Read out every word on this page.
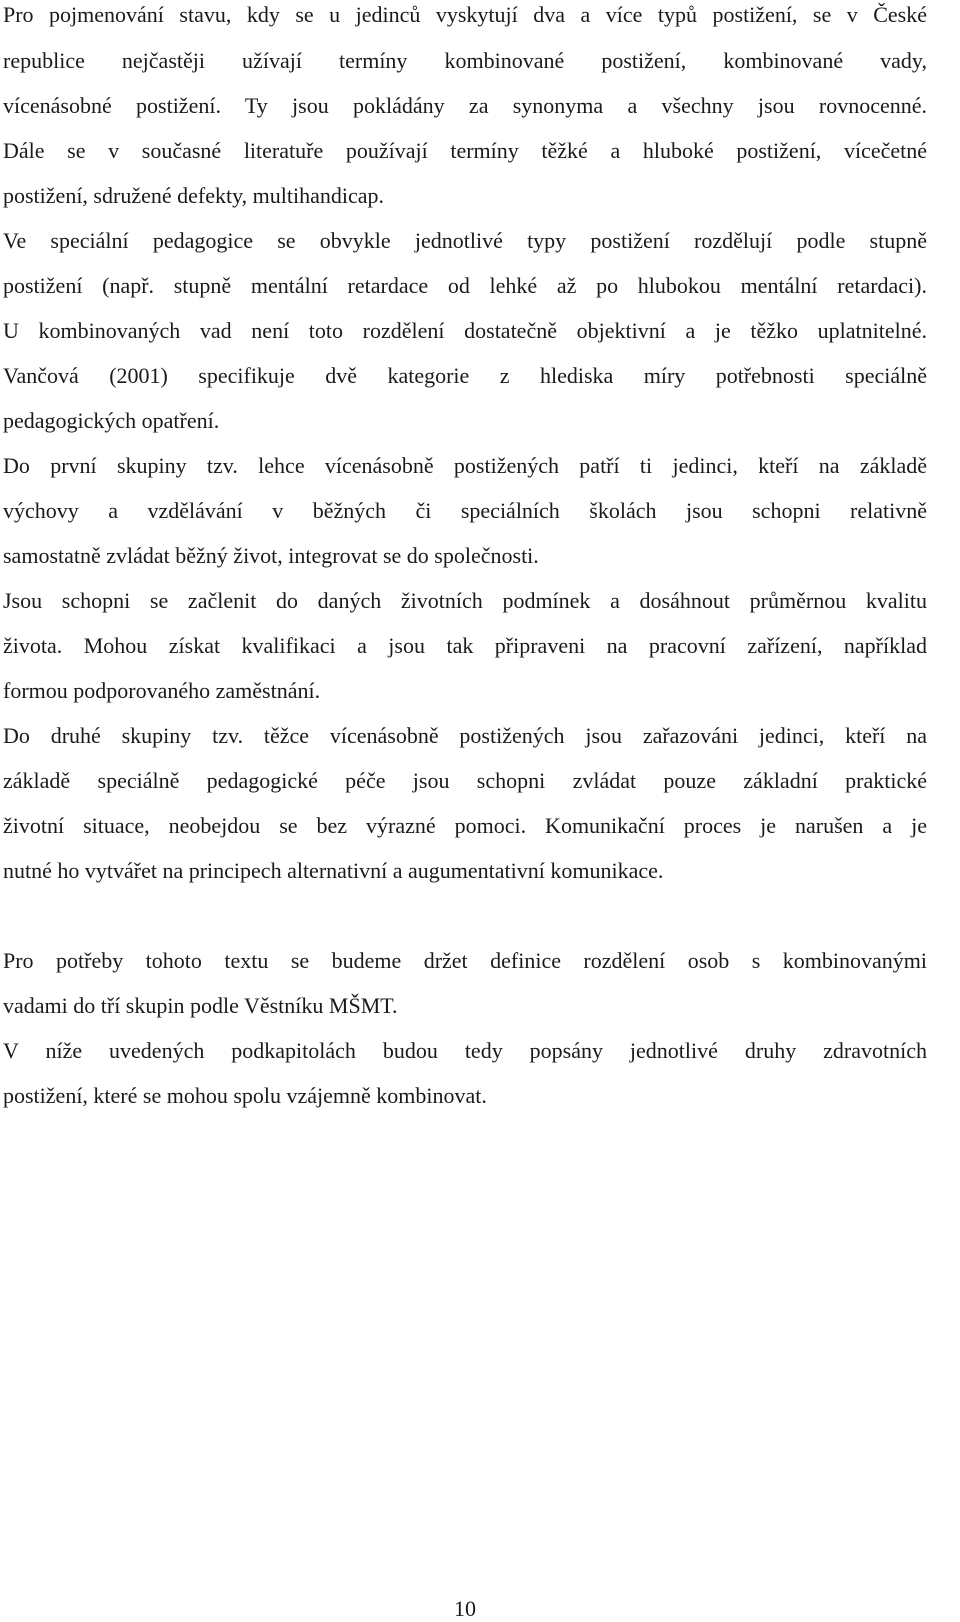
Pro pojmenování stavu, kdy se u jedinců vyskytují dva a více typů postižení, se v České
republice nejčastěji užívají termíny kombinované postižení, kombinované vady,
vícenásobné postižení. Ty jsou pokládány za synonyma a všechny jsou rovnocenné.
Dále se v současné literatuře používají termíny těžké a hluboké postižení, vícečetné
postižení, sdružené defekty, multihandicap.
Ve speciální pedagogice se obvykle jednotlivé typy postižení rozdělují podle stupně
postižení (např. stupně mentální retardace od lehké až po hlubokou mentální retardaci).
U kombinovaných vad není toto rozdělení dostatečně objektivní a je těžko uplatnitelné.
Vančová (2001) specifikuje dvě kategorie z hlediska míry potřebnosti speciálně
pedagogických opatření.
Do první skupiny tzv. lehce vícenásobně postižených patří ti jedinci, kteří na základě
výchovy a vzdělávání v běžných či speciálních školách jsou schopni relativně
samostatně zvládat běžný život, integrovat se do společnosti.
Jsou schopni se začlenit do daných životních podmínek a dosáhnout průměrnou kvalitu
života. Mohou získat kvalifikaci a jsou tak připraveni na pracovní zařízení, například
formou podporovaného zaměstnání.
Do druhé skupiny tzv. těžce vícenásobně postižených jsou zařazováni jedinci, kteří na
základě speciálně pedagogické péče jsou schopni zvládat pouze základní praktické
životní situace, neobejdou se bez výrazné pomoci. Komunikační proces je narušen a je
nutné ho vytvářet na principech alternativní a augumentativní komunikace.
Pro potřeby tohoto textu se budeme držet definice rozdělení osob s kombinovanými
vadami do tří skupin podle Věstníku MŠMT.
V níže uvedených podkapitolách budou tedy popsány jednotlivé druhy zdravotních
postižení, které se mohou spolu vzájemně kombinovat.
10
